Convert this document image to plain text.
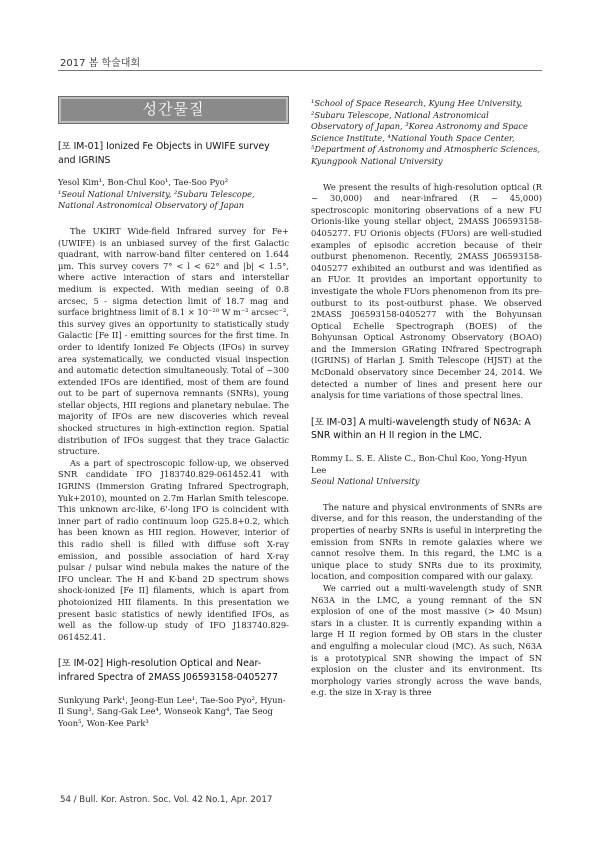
2017 봄 학술대회
성간물질
[포 IM-01] Ionized Fe Objects in UWIFE survey and IGRINS
Yesol Kim¹, Bon-Chul Koo¹, Tae-Soo Pyo²
¹Seoul National University, ²Subaru Telescope, National Astronomical Observatory of Japan

The UKIRT Wide-field Infrared survey for Fe+ (UWIFE) is an unbiased survey of the first Galactic quadrant, with narrow-band filter centered on 1.644 µm. This survey covers 7° < l < 62° and |b| < 1.5°, where active interaction of stars and interstellar medium is expected. With median seeing of 0.8 arcsec, 5 - sigma detection limit of 18.7 mag and surface brightness limit of 8.1 × 10⁻²⁰ W m⁻² arcsec⁻², this survey gives an opportunity to statistically study Galactic [Fe II] - emitting sources for the first time. In order to identify Ionized Fe Objects (IFOs) in survey area systematically, we conducted visual inspection and automatic detection simultaneously. Total of ~300 extended IFOs are identified, most of them are found out to be part of supernova remnants (SNRs), young stellar objects, HII regions and planetary nebulae. The majority of IFOs are new discoveries which reveal shocked structures in high-extinction region. Spatial distribution of IFOs suggest that they trace Galactic structure.

As a part of spectroscopic follow-up, we observed SNR candidate IFO J183740.829-061452.41 with IGRINS (Immersion Grating Infrared Spectrograph, Yuk+2010), mounted on 2.7m Harlan Smith telescope. This unknown arc-like, 6'-long IFO is coincident with inner part of radio continuum loop G25.8+0.2, which has been known as HII region. However, interior of this radio shell is filled with diffuse soft X-ray emission, and possible association of hard X-ray pulsar / pulsar wind nebula makes the nature of the IFO unclear. The H and K-band 2D spectrum shows shock-ionized [Fe II] filaments, which is apart from photoionized HII filaments. In this presentation we present basic statistics of newly identified IFOs, as well as the follow-up study of IFO J183740.829-061452.41.

[포 IM-02] High-resolution Optical and Near-infrared Spectra of 2MASS J06593158-0405277
Sunkyung Park¹, Jeong-Eun Lee¹, Tae-Soo Pyo², Hyun-Il Sung³, Sang-Gak Lee⁴, Wonseok Kang⁴, Tae Seog Yoon⁵, Won-Kee Park³
¹School of Space Research, Kyung Hee University, ²Subaru Telescope, National Astronomical Observatory of Japan, ³Korea Astronomy and Space Science Institute, ⁴National Youth Space Center, ⁵Department of Astronomy and Atmospheric Sciences, Kyungpook National University

We present the results of high-resolution optical (R ~ 30,000) and near-infrared (R ~ 45,000) spectroscopic monitoring observations of a new FU Orionis-like young stellar object, 2MASS J06593158-0405277. FU Orionis objects (FUors) are well-studied examples of episodic accretion because of their outburst phenomenon. Recently, 2MASS J06593158-0405277 exhibited an outburst and was identified as an FUor. It provides an important opportunity to investigate the whole FUors phenomenon from its pre-outburst to its post-outburst phase. We observed 2MASS J06593158-0405277 with the Bohyunsan Optical Echelle Spectrograph (BOES) of the Bohyunsan Optical Astronomy Observatory (BOAO) and the Immersion GRating INfrared Spectrograph (IGRINS) of Harlan J. Smith Telescope (HJST) at the McDonald observatory since December 24, 2014. We detected a number of lines and present here our analysis for time variations of those spectral lines.

[포 IM-03] A multi-wavelength study of N63A: A SNR within an H II region in the LMC.
Rommy L. S. E. Aliste C., Bon-Chul Koo, Yong-Hyun Lee
Seoul National University

The nature and physical environments of SNRs are diverse, and for this reason, the understanding of the properties of nearby SNRs is useful in interpreting the emission from SNRs in remote galaxies where we cannot resolve them. In this regard, the LMC is a unique place to study SNRs due to its proximity, location, and composition compared with our galaxy.

We carried out a multi-wavelength study of SNR N63A in the LMC, a young remnant of the SN explosion of one of the most massive (> 40 Msun) stars in a cluster. It is currently expanding within a large H II region formed by OB stars in the cluster and engulfing a molecular cloud (MC). As such, N63A is a prototypical SNR showing the impact of SN explosion on the cluster and its environment. Its morphology varies strongly across the wave bands, e.g. the size in X-ray is three

54 / Bull. Kor. Astron. Soc. Vol. 42 No.1, Apr. 2017
